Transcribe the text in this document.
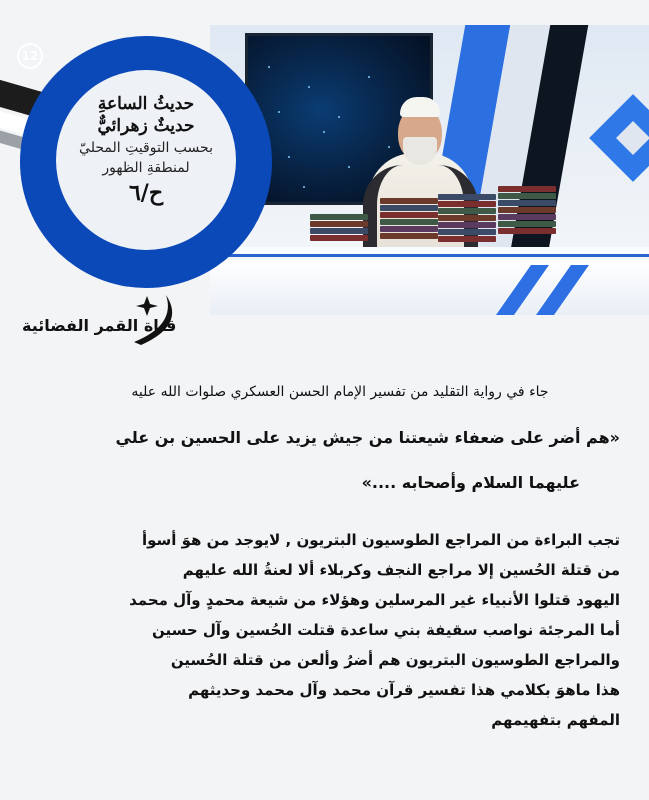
12
حديثُ الساعةِ
حديثٌ زهرائيٌّ
بحسب التوقيتِ المحليّ
لمنطقةِ الظهور
ح/٦
قناة القمر الفضائية
جاء في رواية التقليد من تفسير الإمام الحسن العسكري صلوات الله عليه
«هم أضر على ضعفاء شيعتنا من جيش يزيد على الحسين بن علي
عليهما السلام وأصحابه ....»
تجب البراءة من المراجع الطوسيون البتريون , لايوجد من هوَ أسوأ
من قتلة الحُسين إلا مراجع النجف وكربلاء ألا لعنةُ الله عليهم
اليهود قتلوا الأنبياء غير المرسلين وهؤلاء من شيعة محمدٍ وآل محمد
أما المرجئة نواصب سقيفة بني ساعدة قتلت الحُسين وآل حسين
والمراجع الطوسيون البتريون هم أضرُ وألعن من قتلة الحُسين
هذا ماهوَ بكلامي هذا تفسير قرآن محمد وآل محمد وحديثهم
المفهم بتفهيمهم
